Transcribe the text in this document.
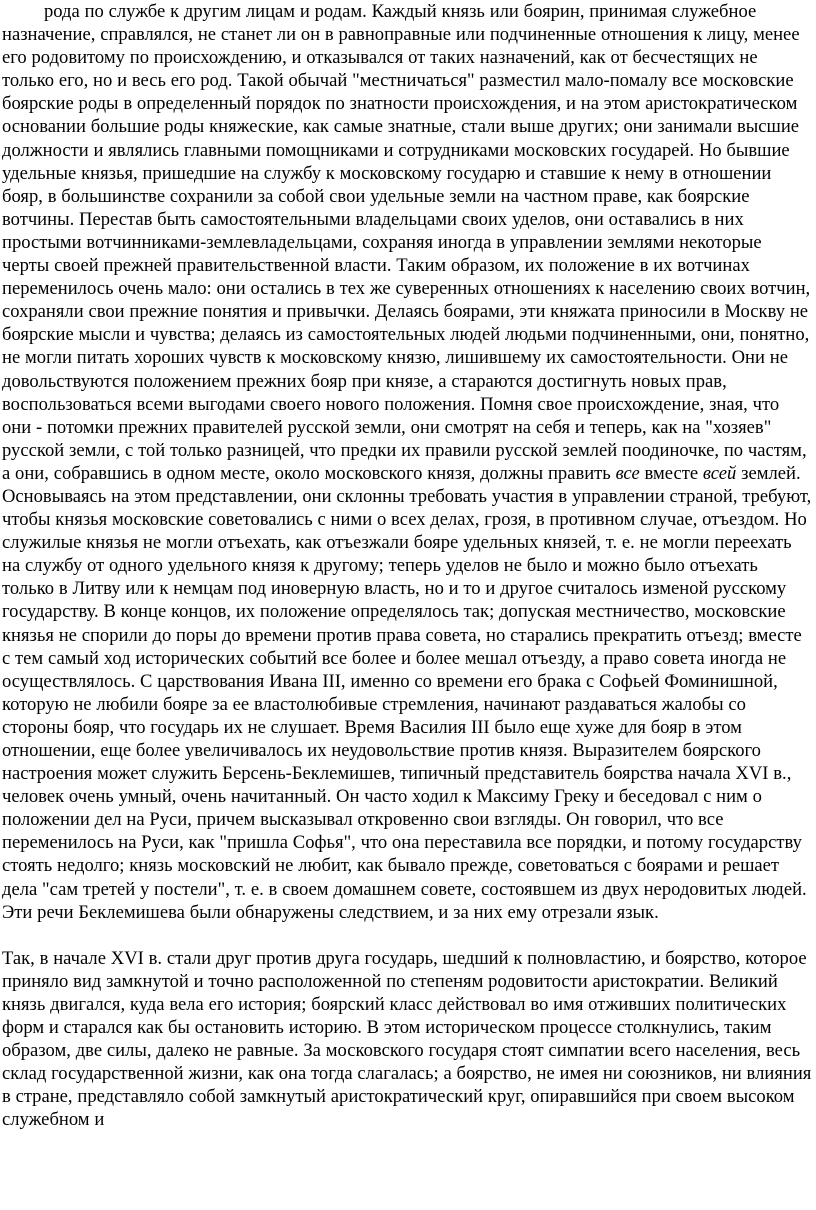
рода по службе к другим лицам и родам. Каждый князь или боярин, принимая служебное назначение, справлялся, не станет ли он в равноправные или подчиненные отношения к лицу, менее его родовитому по происхождению, и отказывался от таких назначений, как от бесчестящих не только его, но и весь его род. Такой обычай "местничаться" разместил мало-помалу все московские боярские роды в определенный порядок по знатности происхождения, и на этом аристократическом основании большие роды княжеские, как самые знатные, стали выше других; они занимали высшие должности и являлись главными помощниками и сотрудниками московских государей. Но бывшие удельные князья, пришедшие на службу к московскому государю и ставшие к нему в отношении бояр, в большинстве сохранили за собой свои удельные земли на частном праве, как боярские вотчины. Перестав быть самостоятельными владельцами своих уделов, они оставались в них простыми вотчинниками-землевладельцами, сохраняя иногда в управлении землями некоторые черты своей прежней правительственной власти. Таким образом, их положение в их вотчинах переменилось очень мало: они остались в тех же суверенных отношениях к населению своих вотчин, сохраняли свои прежние понятия и привычки. Делаясь боярами, эти княжата приносили в Москву не боярские мысли и чувства; делаясь из самостоятельных людей людьми подчиненными, они, понятно, не могли питать хороших чувств к московскому князю, лишившему их самостоятельности. Они не довольствуются положением прежних бояр при князе, а стараются достигнуть новых прав, воспользоваться всеми выгодами своего нового положения. Помня свое происхождение, зная, что они - потомки прежних правителей русской земли, они смотрят на себя и теперь, как на "хозяев" русской земли, с той только разницей, что предки их правили русской землей поодиночке, по частям, а они, собравшись в одном месте, около московского князя, должны править все вместе всей землей. Основываясь на этом представлении, они склонны требовать участия в управлении страной, требуют, чтобы князья московские советовались с ними о всех делах, грозя, в противном случае, отъездом. Но служилые князья не могли отъехать, как отъезжали бояре удельных князей, т. е. не могли переехать на службу от одного удельного князя к другому; теперь уделов не было и можно было отъехать только в Литву или к немцам под иноверную власть, но и то и другое считалось изменой русскому государству. В конце концов, их положение определялось так; допуская местничество, московские князья не спорили до поры до времени против права совета, но старались прекратить отъезд; вместе с тем самый ход исторических событий все более и более мешал отъезду, а право совета иногда не осуществлялось. С царствования Ивана III, именно со времени его брака с Софьей Фоминишной, которую не любили бояре за ее властолюбивые стремления, начинают раздаваться жалобы со стороны бояр, что государь их не слушает. Время Василия III было еще хуже для бояр в этом отношении, еще более увеличивалось их неудовольствие против князя. Выразителем боярского настроения может служить Берсень-Беклемишев, типичный представитель боярства начала XVI в., человек очень умный, очень начитанный. Он часто ходил к Максиму Греку и беседовал с ним о положении дел на Руси, причем высказывал откровенно свои взгляды. Он говорил, что все переменилось на Руси, как "пришла Софья", что она переставила все порядки, и потому государству стоять недолго; князь московский не любит, как бывало прежде, советоваться с боярами и решает дела "сам третей у постели", т. е. в своем домашнем совете, состоявшем из двух неродовитых людей. Эти речи Беклемишева были обнаружены следствием, и за них ему отрезали язык.

Так, в начале XVI в. стали друг против друга государь, шедший к полновластию, и боярство, которое приняло вид замкнутой и точно расположенной по степеням родовитости аристократии. Великий князь двигался, куда вела его история; боярский класс действовал во имя отживших политических форм и старался как бы остановить историю. В этом историческом процессе столкнулись, таким образом, две силы, далеко не равные. За московского государя стоят симпатии всего населения, весь склад государственной жизни, как она тогда слагалась; а боярство, не имея ни союзников, ни влияния в стране, представляло собой замкнутый аристократический круг, опиравшийся при своем высоком служебном и
